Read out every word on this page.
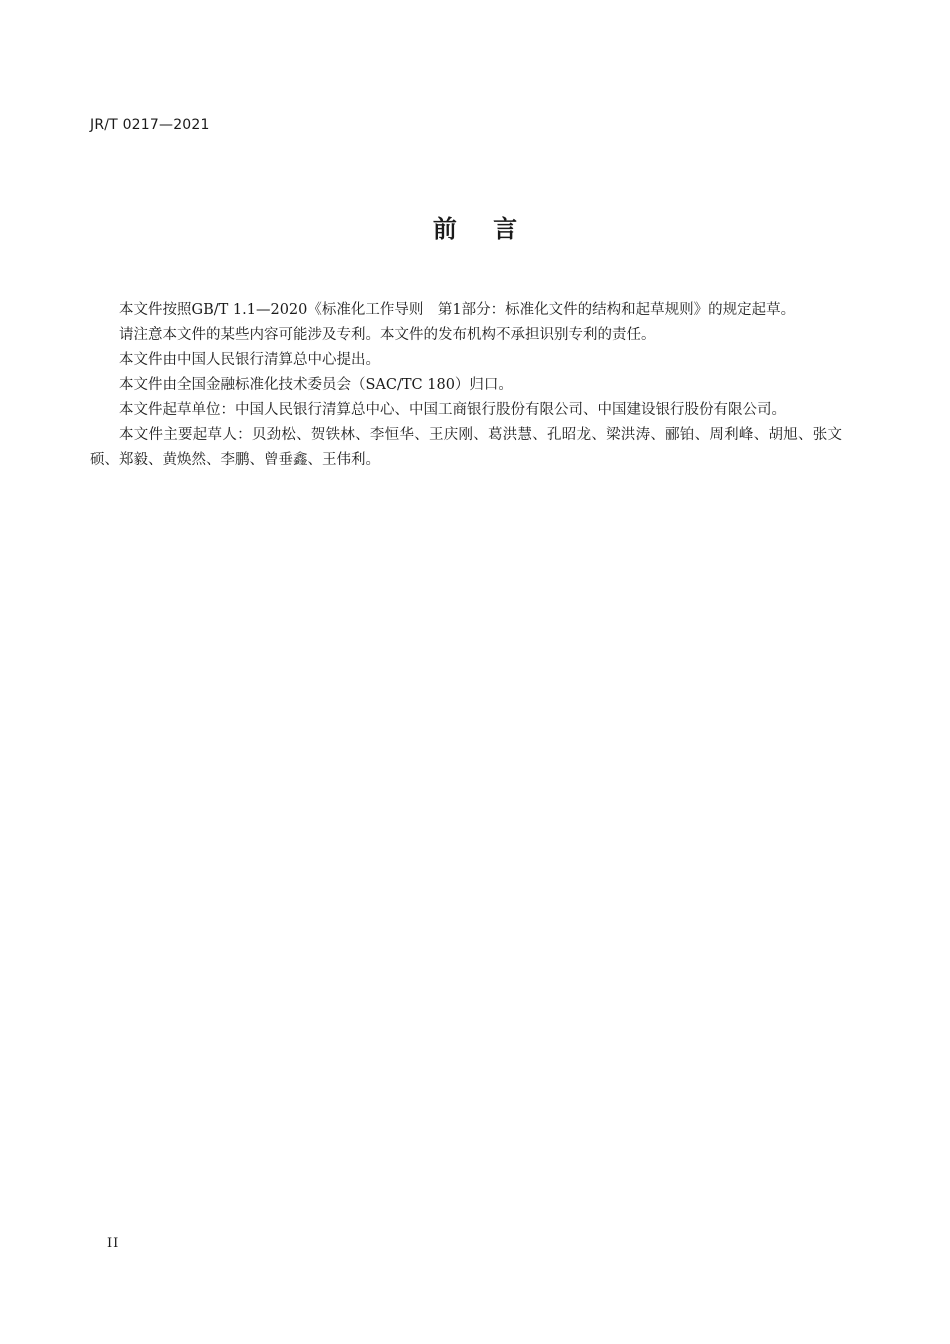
JR/T 0217—2021
前 言

本文件按照GB/T 1.1—2020《标准化工作导则　第1部分：标准化文件的结构和起草规则》的规定起草。

请注意本文件的某些内容可能涉及专利。本文件的发布机构不承担识别专利的责任。

本文件由中国人民银行清算总中心提出。

本文件由全国金融标准化技术委员会（SAC/TC 180）归口。

本文件起草单位：中国人民银行清算总中心、中国工商银行股份有限公司、中国建设银行股份有限公司。

本文件主要起草人：贝劲松、贺铁林、李恒华、王庆刚、葛洪慧、孔昭龙、梁洪涛、郦铂、周利峰、胡旭、张文硕、郑毅、黄焕然、李鹏、曾垂鑫、王伟利。

II
